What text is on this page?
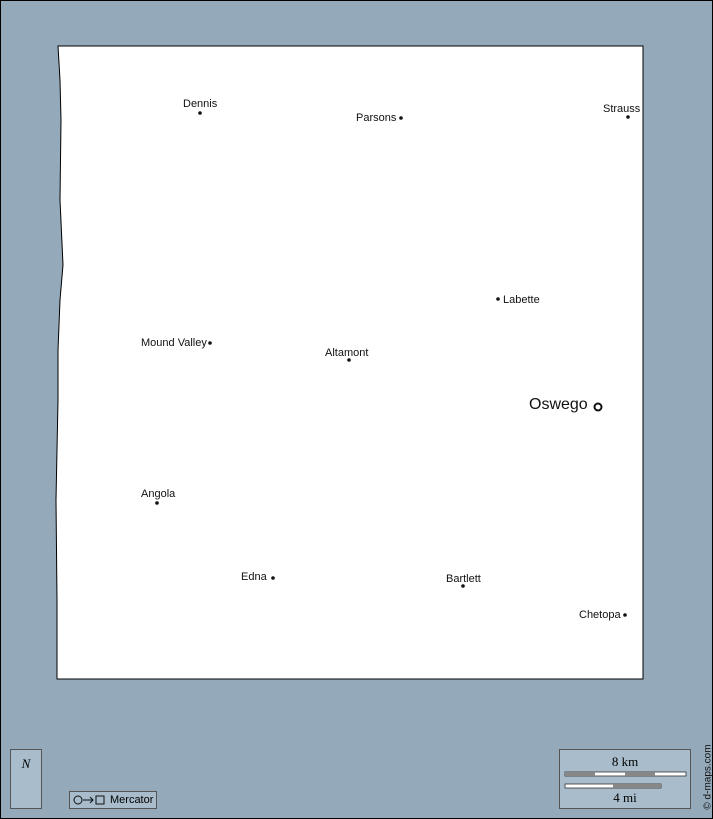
Dennis
Parsons
Strauss
Labette
Mound Valley
Altamont
Oswego
Angola
Edna	Bartlett
Chetopa
N
Mercator
8 km
4 mi	© d-maps.com
